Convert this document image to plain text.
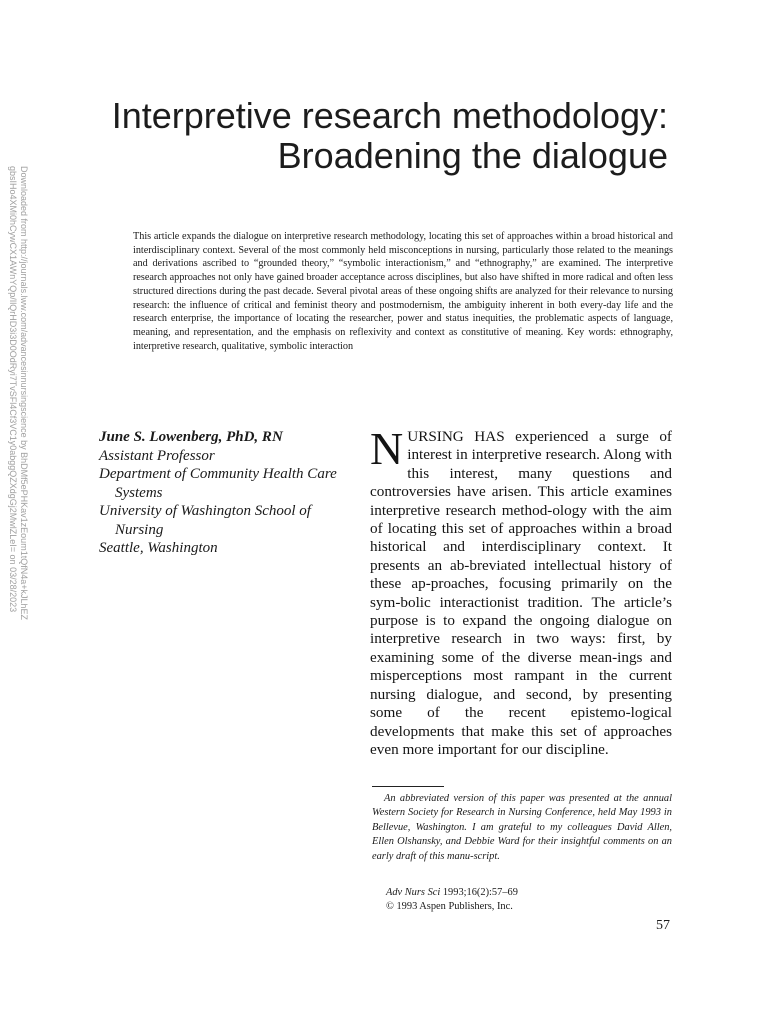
Downloaded from http://journals.lww.com/advancesinnursingscience by BhDMf5ePHKav1zEoum1tQfN4a+kJLhEZ
gbsIHo4XMi0hCywCX1AWnYQp/IlQrHD3i3D0OdRyi7TvSFl4Cf3VC1y0abggQZXdgGj2MwlZLeI= on 03/28/2023
Interpretive research methodology:
Broadening the dialogue

This article expands the dialogue on interpretive research methodology, locating this set of approaches within a broad historical and interdisciplinary context. Several of the most commonly held misconceptions in nursing, particularly those related to the meanings and derivations ascribed to “grounded theory,” “symbolic interactionism,” and “ethnography,” are examined. The interpretive research approaches not only have gained broader acceptance across disciplines, but also have shifted in more radical and often less structured directions during the past decade. Several pivotal areas of these ongoing shifts are analyzed for their relevance to nursing research: the influence of critical and feminist theory and postmodernism, the ambiguity inherent in both every-day life and the research enterprise, the importance of locating the researcher, power and status inequities, the problematic aspects of language, meaning, and representation, and the emphasis on reflexivity and context as constitutive of meaning. Key words: ethnography, interpretive research, qualitative, symbolic interaction

June S. Lowenberg, PhD, RN
Assistant Professor
Department of Community Health Care Systems
University of Washington School of Nursing
Seattle, Washington

NURSING HAS experienced a surge of interest in interpretive research. Along with this interest, many questions and controversies have arisen. This article examines interpretive research method-ology with the aim of locating this set of approaches within a broad historical and interdisciplinary context. It presents an ab-breviated intellectual history of these ap-proaches, focusing primarily on the sym-bolic interactionist tradition. The article’s purpose is to expand the ongoing dialogue on interpretive research in two ways: first, by examining some of the diverse mean-ings and misperceptions most rampant in the current nursing dialogue, and second, by presenting some of the recent epistemo-logical developments that make this set of approaches even more important for our discipline.

An abbreviated version of this paper was presented at the annual Western Society for Research in Nursing Conference, held May 1993 in Bellevue, Washington. I am grateful to my colleagues David Allen, Ellen Olshansky, and Debbie Ward for their insightful comments on an early draft of this manu-script.

Adv Nurs Sci 1993;16(2):57–69
© 1993 Aspen Publishers, Inc.
57
